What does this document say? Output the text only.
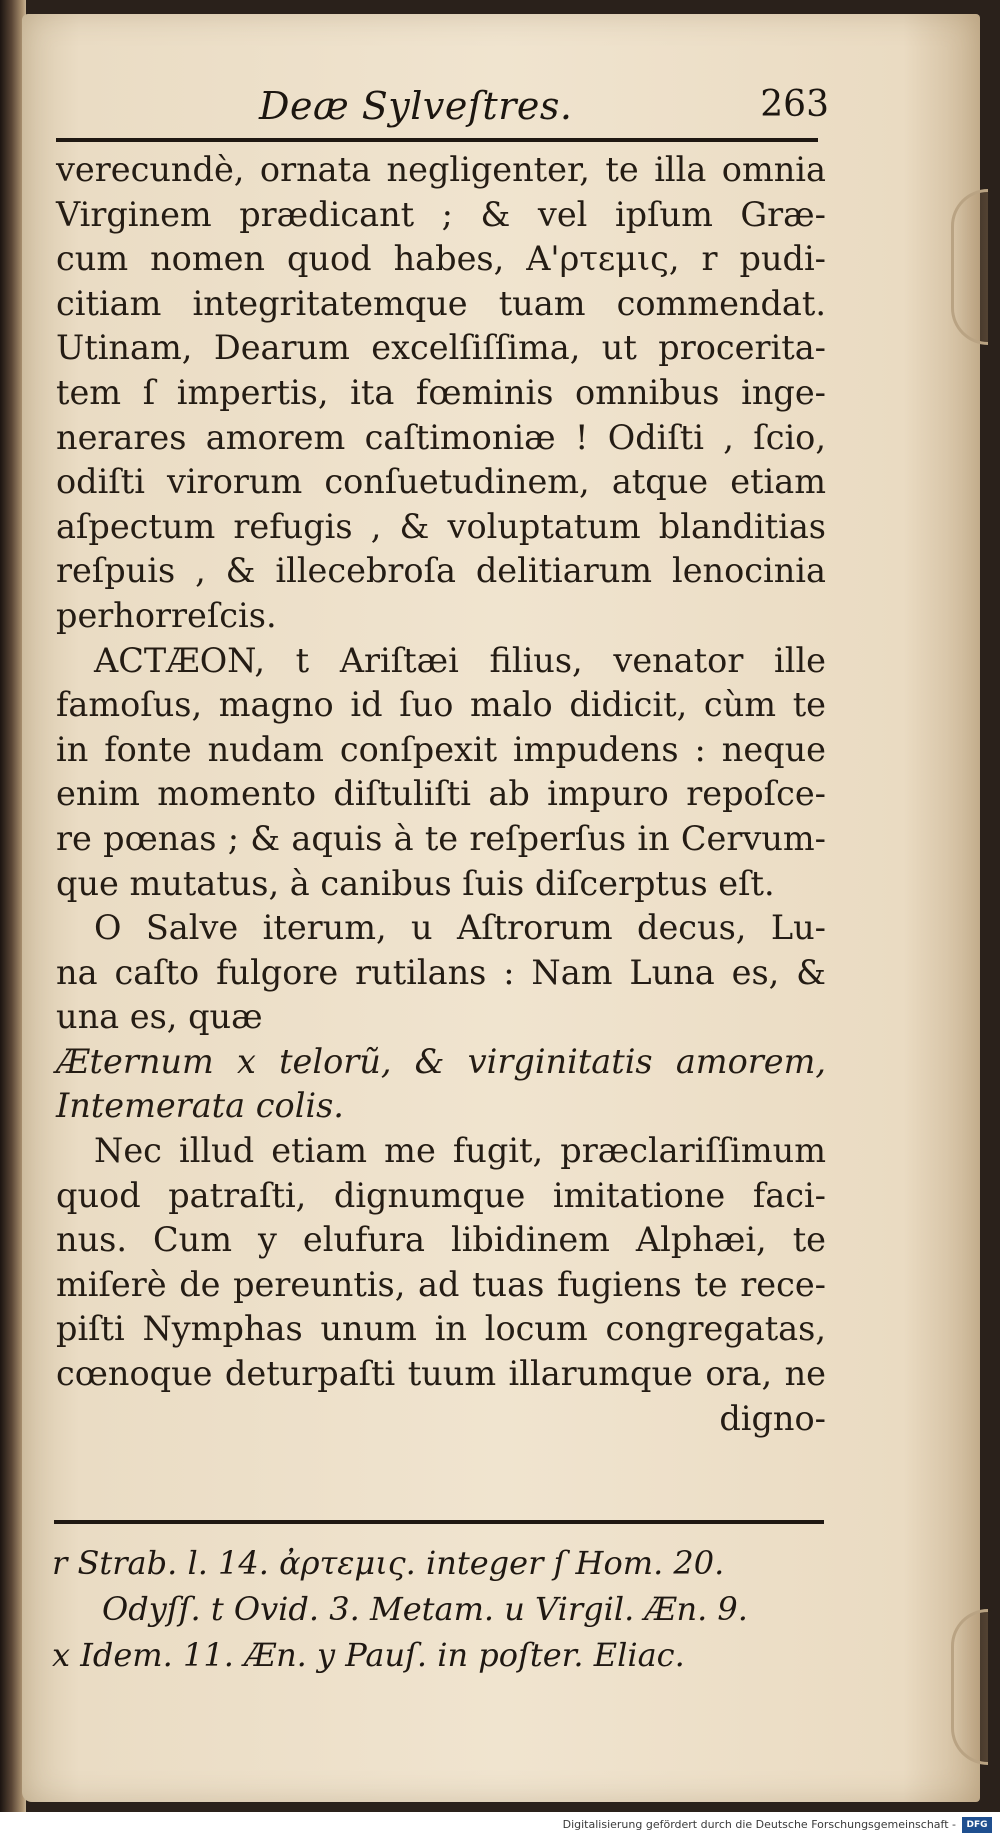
Deæ Sylveſtres.	263
verecundè, ornata negligenter, te illa omnia
Virginem prædicant ; & vel ipſum Græ-
cum nomen quod habes, Α'ρτεμις, r pudi-
citiam integritatemque tuam commendat.
Utinam, Dearum excelſiſſima, ut proceritа-
tem ſ impertis, ita fœminis omnibus inge-
nerares amorem caſtimoniæ ! Odiſti , ſcio,
odiſti virorum conſuetudinem, atque etiam
aſpectum refugis , & voluptatum blanditias
reſpuis , & illecebroſa delitiarum lenocinia
perhorreſcis.
ACTÆON, t Ariſtæi filius, venator ille
famoſus, magno id ſuo malo didicit, cùm te
in fonte nudam conſpexit impudens : neque
enim momento diſtuliſti ab impuro repoſce-
re pœnas ; & aquis à te reſperſus in Cervum-
que mutatus, à canibus ſuis diſcerptus eſt.
O Salve iterum, u Aſtrorum decus, Lu-
na caſto fulgore rutilans : Nam Luna es, &
una es, quæ
Æternum x telorũ, & virginitatis amorem,
Intemerata colis.
Nec illud etiam me fugit, præclariſſimum
quod patraſti, dignumque imitatione faci-
nus. Cum y elufura libidinem Alphæi, te
miſerè de pereuntis, ad tuas fugiens te rece-
piſti Nymphas unum in locum congregatas,
cœnoque deturpaſti tuum illarumque ora, ne
digno-
r Strab. l. 14. ἀρτεμις. integer ſ Hom. 20.
Odyſſ. t Ovid. 3. Metam. u Virgil. Æn. 9.
x Idem. 11. Æn. y Pauſ. in poſter. Eliac.
Digitalisierung gefördert durch die Deutsche Forschungsgemeinschaft -	DFG
